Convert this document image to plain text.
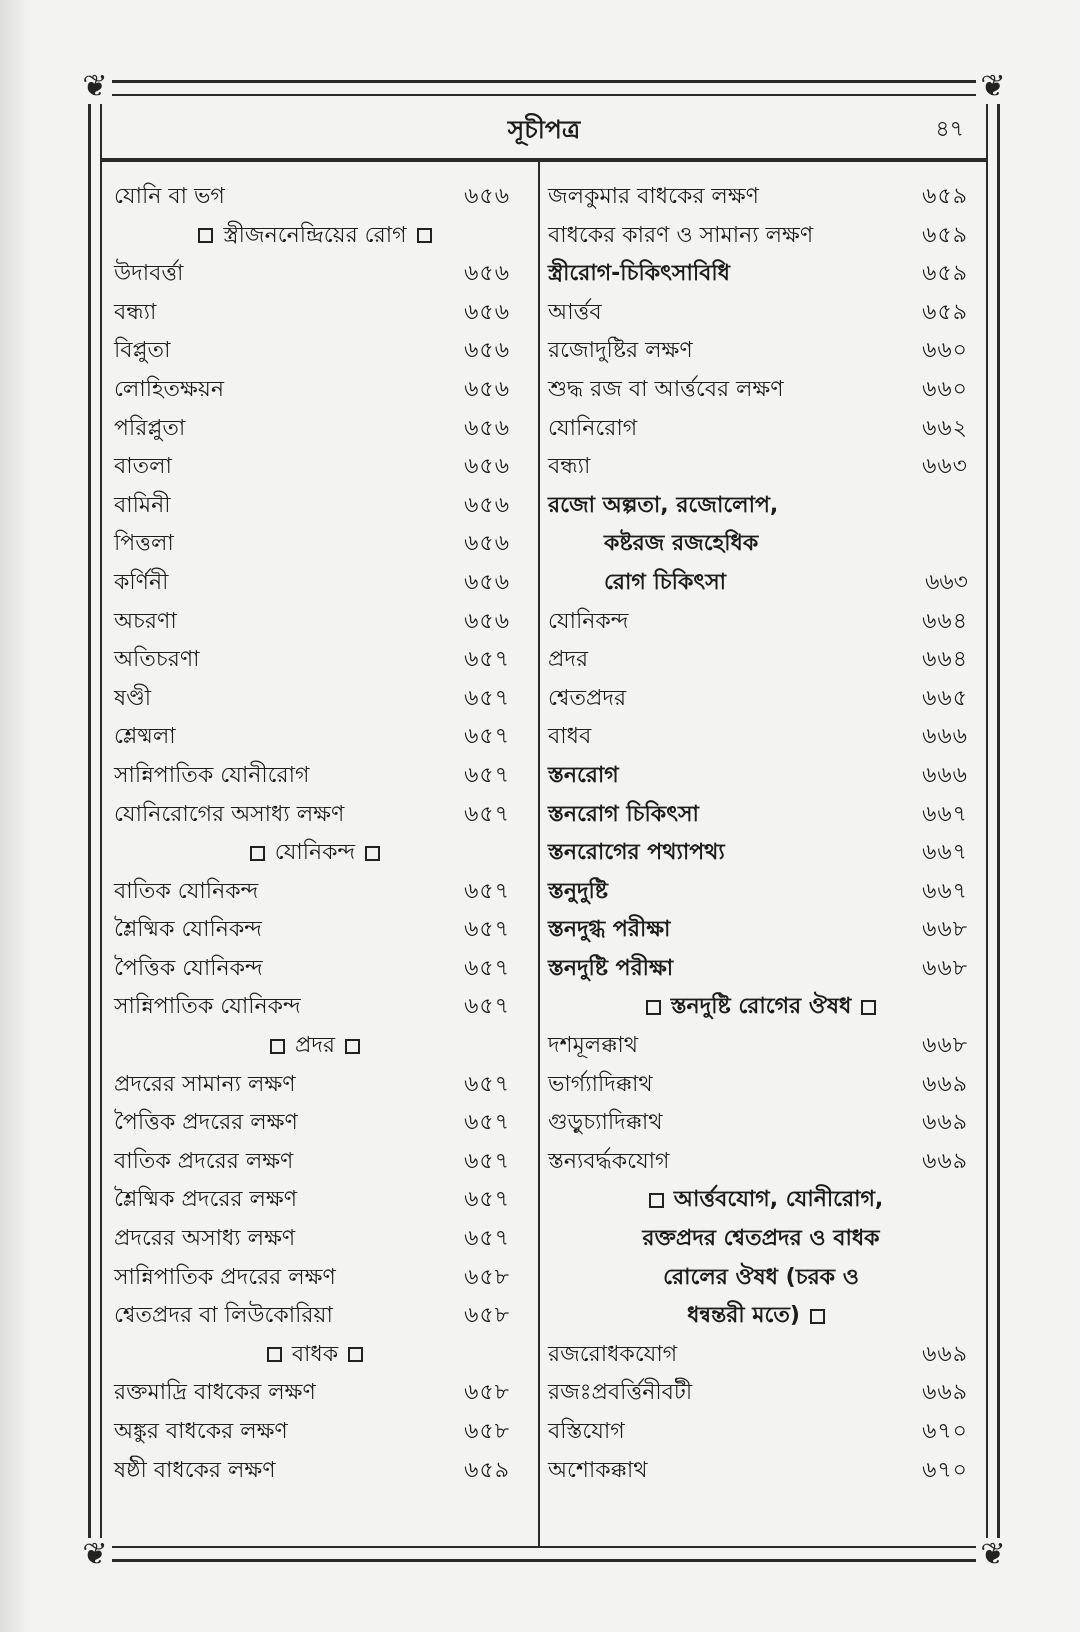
❦	❦
❦	❦
সূচীপত্র	৪৭
যোনি বা ভগ	৬৫৬
স্ত্রীজননেন্দ্রিয়ের রোগ
উদাবর্ত্তা	৬৫৬
বন্ধ্যা	৬৫৬
বিপ্লুতা	৬৫৬
লোহিতক্ষয়ন	৬৫৬
পরিপ্লুতা	৬৫৬
বাতলা	৬৫৬
বামিনী	৬৫৬
পিত্তলা	৬৫৬
কর্ণিনী	৬৫৬
অচরণা	৬৫৬
অতিচরণা	৬৫৭
ষণ্ডী	৬৫৭
শ্লেষ্মলা	৬৫৭
সান্নিপাতিক যোনীরোগ	৬৫৭
যোনিরোগের অসাধ্য লক্ষণ	৬৫৭
যোনিকন্দ
বাতিক যোনিকন্দ	৬৫৭
শ্লৈষ্মিক যোনিকন্দ	৬৫৭
পৈত্তিক যোনিকন্দ	৬৫৭
সান্নিপাতিক যোনিকন্দ	৬৫৭
প্রদর
প্রদরের সামান্য লক্ষণ	৬৫৭
পৈত্তিক প্রদরের লক্ষণ	৬৫৭
বাতিক প্রদরের লক্ষণ	৬৫৭
শ্লৈষ্মিক প্রদরের লক্ষণ	৬৫৭
প্রদরের অসাধ্য লক্ষণ	৬৫৭
সান্নিপাতিক প্রদরের লক্ষণ	৬৫৮
শ্বেতপ্রদর বা লিউকোরিয়া	৬৫৮
বাধক
রক্তমাদ্রি বাধকের লক্ষণ	৬৫৮
অঙ্কুর বাধকের লক্ষণ	৬৫৮
ষষ্ঠী বাধকের লক্ষণ	৬৫৯
জলকুমার বাধকের লক্ষণ	৬৫৯
বাধকের কারণ ও সামান্য লক্ষণ	৬৫৯
স্ত্রীরোগ-চিকিৎসাবিধি	৬৫৯
আর্ত্তব	৬৫৯
রজোদুষ্টির লক্ষণ	৬৬০
শুদ্ধ রজ বা আর্ত্তবের লক্ষণ	৬৬০
যোনিরোগ	৬৬২
বন্ধ্যা	৬৬৩
রজো অল্পতা, রজোলোপ,
কষ্টরজ রজহেধিক
রোগ চিকিৎসা	৬৬৩
যোনিকন্দ	৬৬৪
প্রদর	৬৬৪
শ্বেতপ্রদর	৬৬৫
বাধব	৬৬৬
স্তনরোগ	৬৬৬
স্তনরোগ চিকিৎসা	৬৬৭
স্তনরোগের পথ্যাপথ্য	৬৬৭
স্তনুদুষ্টি	৬৬৭
স্তনদুগ্ধ পরীক্ষা	৬৬৮
স্তনদুষ্টি পরীক্ষা	৬৬৮
স্তনদুষ্টি রোগের ঔষধ
দশমূলক্কাথ	৬৬৮
ভার্গ্যাদিক্কাথ	৬৬৯
গুড়ুচ্যাদিক্কাথ	৬৬৯
স্তন্যবর্দ্ধকযোগ	৬৬৯
আর্ত্তবযোগ, যোনীরোগ,
রক্তপ্রদর শ্বেতপ্রদর ও বাধক
রোলের ঔষধ (চরক ও
ধন্বন্তরী মতে)
রজরোধকযোগ	৬৬৯
রজঃপ্রবর্ত্তিনীবটী	৬৬৯
বস্তিযোগ	৬৭০
অশোকক্কাথ	৬৭০
